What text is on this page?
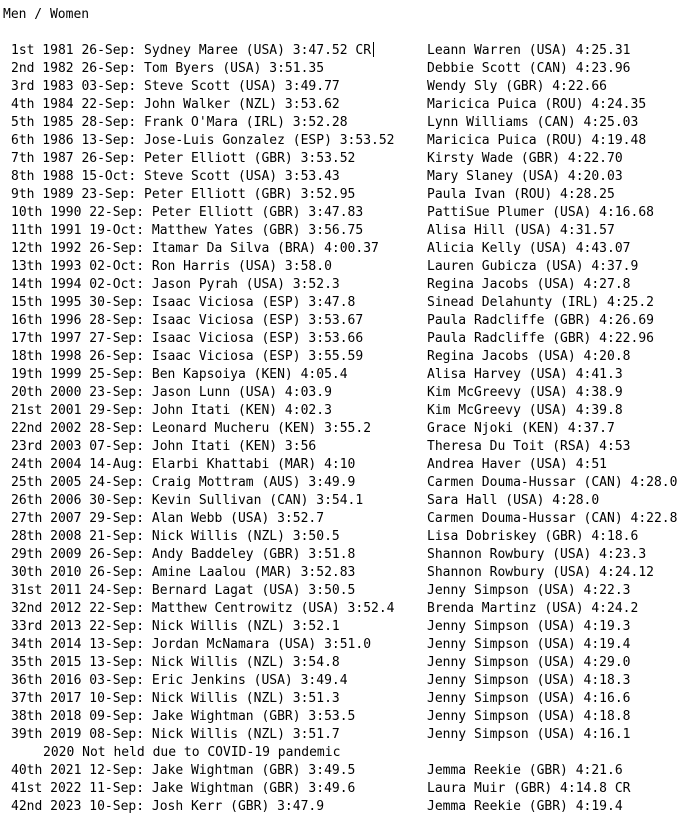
Men / Women
1st 1981 26-Sep: Sydney Maree (USA) 3:47.52 CR	Leann Warren (USA) 4:25.31
2nd 1982 26-Sep: Tom Byers (USA) 3:51.35	Debbie Scott (CAN) 4:23.96
3rd 1983 03-Sep: Steve Scott (USA) 3:49.77	Wendy Sly (GBR) 4:22.66
4th 1984 22-Sep: John Walker (NZL) 3:53.62	Maricica Puica (ROU) 4:24.35
5th 1985 28-Sep: Frank O'Mara (IRL) 3:52.28	Lynn Williams (CAN) 4:25.03
6th 1986 13-Sep: Jose-Luis Gonzalez (ESP) 3:53.52 Maricica Puica (ROU) 4:19.48
7th 1987 26-Sep: Peter Elliott (GBR) 3:53.52	Kirsty Wade (GBR) 4:22.70
8th 1988 15-Oct: Steve Scott (USA) 3:53.43	Mary Slaney (USA) 4:20.03
9th 1989 23-Sep: Peter Elliott (GBR) 3:52.95	Paula Ivan (ROU) 4:28.25
10th 1990 22-Sep: Peter Elliott (GBR) 3:47.83	PattiSue Plumer (USA) 4:16.68
11th 1991 19-Oct: Matthew Yates (GBR) 3:56.75	Alisa Hill (USA) 4:31.57
12th 1992 26-Sep: Itamar Da Silva (BRA) 4:00.37	Alicia Kelly (USA) 4:43.07
13th 1993 02-Oct: Ron Harris (USA) 3:58.0	Lauren Gubicza (USA) 4:37.9
14th 1994 02-Oct: Jason Pyrah (USA) 3:52.3	Regina Jacobs (USA) 4:27.8
15th 1995 30-Sep: Isaac Viciosa (ESP) 3:47.8	Sinead Delahunty (IRL) 4:25.2
16th 1996 28-Sep: Isaac Viciosa (ESP) 3:53.67	Paula Radcliffe (GBR) 4:26.69
17th 1997 27-Sep: Isaac Viciosa (ESP) 3:53.66	Paula Radcliffe (GBR) 4:22.96
18th 1998 26-Sep: Isaac Viciosa (ESP) 3:55.59	Regina Jacobs (USA) 4:20.8
19th 1999 25-Sep: Ben Kapsoiya (KEN) 4:05.4	Alisa Harvey (USA) 4:41.3
20th 2000 23-Sep: Jason Lunn (USA) 4:03.9	Kim McGreevy (USA) 4:38.9
21st 2001 29-Sep: John Itati (KEN) 4:02.3	Kim McGreevy (USA) 4:39.8
22nd 2002 28-Sep: Leonard Mucheru (KEN) 3:55.2	Grace Njoki (KEN) 4:37.7
23rd 2003 07-Sep: John Itati (KEN) 3:56	Theresa Du Toit (RSA) 4:53
24th 2004 14-Aug: Elarbi Khattabi (MAR) 4:10	Andrea Haver (USA) 4:51
25th 2005 24-Sep: Craig Mottram (AUS) 3:49.9	Carmen Douma-Hussar (CAN) 4:28.0
26th 2006 30-Sep: Kevin Sullivan (CAN) 3:54.1	Sara Hall (USA) 4:28.0
27th 2007 29-Sep: Alan Webb (USA) 3:52.7	Carmen Douma-Hussar (CAN) 4:22.8
28th 2008 21-Sep: Nick Willis (NZL) 3:50.5	Lisa Dobriskey (GBR) 4:18.6
29th 2009 26-Sep: Andy Baddeley (GBR) 3:51.8	Shannon Rowbury (USA) 4:23.3
30th 2010 26-Sep: Amine Laalou (MAR) 3:52.83	Shannon Rowbury (USA) 4:24.12
31st 2011 24-Sep: Bernard Lagat (USA) 3:50.5	Jenny Simpson (USA) 4:22.3
32nd 2012 22-Sep: Matthew Centrowitz (USA) 3:52.4 Brenda Martinz (USA) 4:24.2
33rd 2013 22-Sep: Nick Willis (NZL) 3:52.1	Jenny Simpson (USA) 4:19.3
34th 2014 13-Sep: Jordan McNamara (USA) 3:51.0	Jenny Simpson (USA) 4:19.4
35th 2015 13-Sep: Nick Willis (NZL) 3:54.8	Jenny Simpson (USA) 4:29.0
36th 2016 03-Sep: Eric Jenkins (USA) 3:49.4	Jenny Simpson (USA) 4:18.3
37th 2017 10-Sep: Nick Willis (NZL) 3:51.3	Jenny Simpson (USA) 4:16.6
38th 2018 09-Sep: Jake Wightman (GBR) 3:53.5	Jenny Simpson (USA) 4:18.8
39th 2019 08-Sep: Nick Willis (NZL) 3:51.7	Jenny Simpson (USA) 4:16.1
2020 Not held due to COVID-19 pandemic
40th 2021 12-Sep: Jake Wightman (GBR) 3:49.5	Jemma Reekie (GBR) 4:21.6
41st 2022 11-Sep: Jake Wightman (GBR) 3:49.6	Laura Muir (GBR) 4:14.8 CR
42nd 2023 10-Sep: Josh Kerr (GBR) 3:47.9	Jemma Reekie (GBR) 4:19.4
